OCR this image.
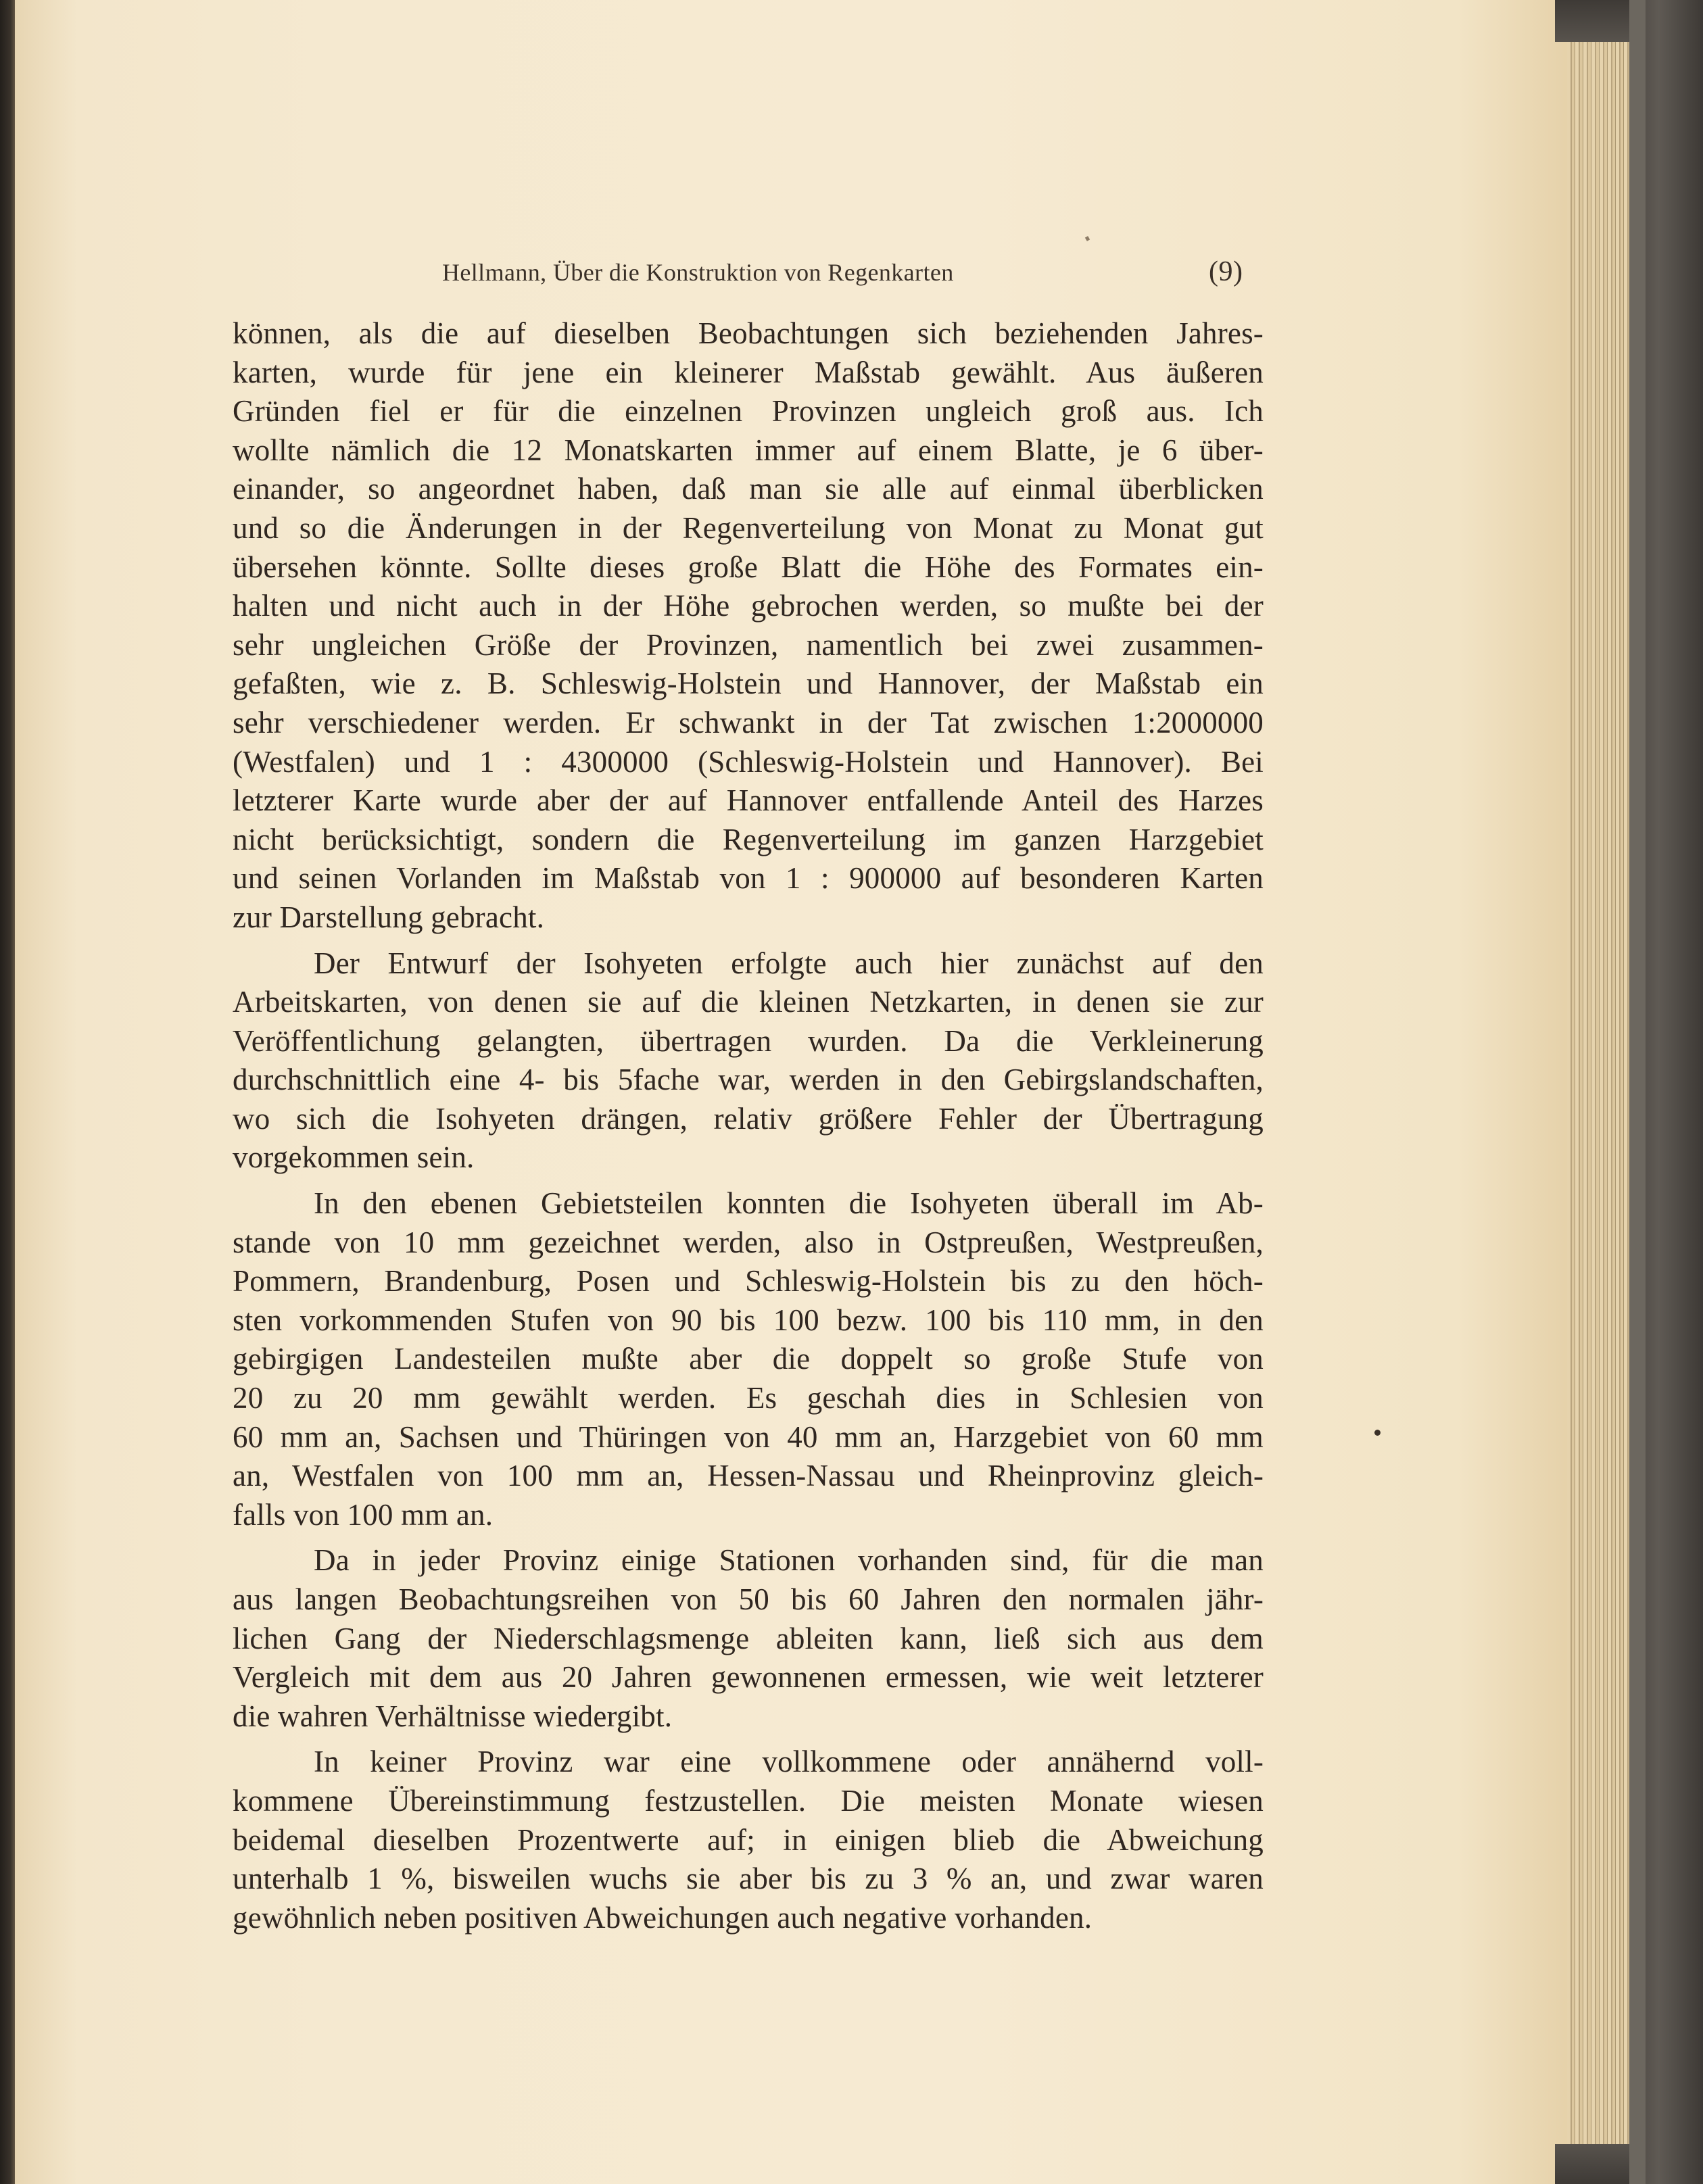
Hellmann, Über die Konstruktion von Regenkarten	(9)
können, als die auf dieselben Beobachtungen sich beziehenden Jahres-
karten, wurde für jene ein kleinerer Maßstab gewählt. Aus äußeren
Gründen fiel er für die einzelnen Provinzen ungleich groß aus. Ich
wollte nämlich die 12 Monatskarten immer auf einem Blatte, je 6 über-
einander, so angeordnet haben, daß man sie alle auf einmal überblicken
und so die Änderungen in der Regenverteilung von Monat zu Monat gut
übersehen könnte. Sollte dieses große Blatt die Höhe des Formates ein-
halten und nicht auch in der Höhe gebrochen werden, so mußte bei der
sehr ungleichen Größe der Provinzen, namentlich bei zwei zusammen-
gefaßten, wie z. B. Schleswig-Holstein und Hannover, der Maßstab ein
sehr verschiedener werden. Er schwankt in der Tat zwischen 1:2000000
(Westfalen) und 1 : 4300000 (Schleswig-Holstein und Hannover). Bei
letzterer Karte wurde aber der auf Hannover entfallende Anteil des Harzes
nicht berücksichtigt, sondern die Regenverteilung im ganzen Harzgebiet
und seinen Vorlanden im Maßstab von 1 : 900000 auf besonderen Karten
zur Darstellung gebracht.
Der Entwurf der Isohyeten erfolgte auch hier zunächst auf den
Arbeitskarten, von denen sie auf die kleinen Netzkarten, in denen sie zur
Veröffentlichung gelangten, übertragen wurden. Da die Verkleinerung
durchschnittlich eine 4- bis 5fache war, werden in den Gebirgslandschaften,
wo sich die Isohyeten drängen, relativ größere Fehler der Übertragung
vorgekommen sein.
In den ebenen Gebietsteilen konnten die Isohyeten überall im Ab-
stande von 10 mm gezeichnet werden, also in Ostpreußen, Westpreußen,
Pommern, Brandenburg, Posen und Schleswig-Holstein bis zu den höch-
sten vorkommenden Stufen von 90 bis 100 bezw. 100 bis 110 mm, in den
gebirgigen Landesteilen mußte aber die doppelt so große Stufe von
20 zu 20 mm gewählt werden. Es geschah dies in Schlesien von
60 mm an, Sachsen und Thüringen von 40 mm an, Harzgebiet von 60 mm
an, Westfalen von 100 mm an, Hessen-Nassau und Rheinprovinz gleich-
falls von 100 mm an.
Da in jeder Provinz einige Stationen vorhanden sind, für die man
aus langen Beobachtungsreihen von 50 bis 60 Jahren den normalen jähr-
lichen Gang der Niederschlagsmenge ableiten kann, ließ sich aus dem
Vergleich mit dem aus 20 Jahren gewonnenen ermessen, wie weit letzterer
die wahren Verhältnisse wiedergibt.
In keiner Provinz war eine vollkommene oder annähernd voll-
kommene Übereinstimmung festzustellen. Die meisten Monate wiesen
beidemal dieselben Prozentwerte auf; in einigen blieb die Abweichung
unterhalb 1 %, bisweilen wuchs sie aber bis zu 3 % an, und zwar waren
gewöhnlich neben positiven Abweichungen auch negative vorhanden.
